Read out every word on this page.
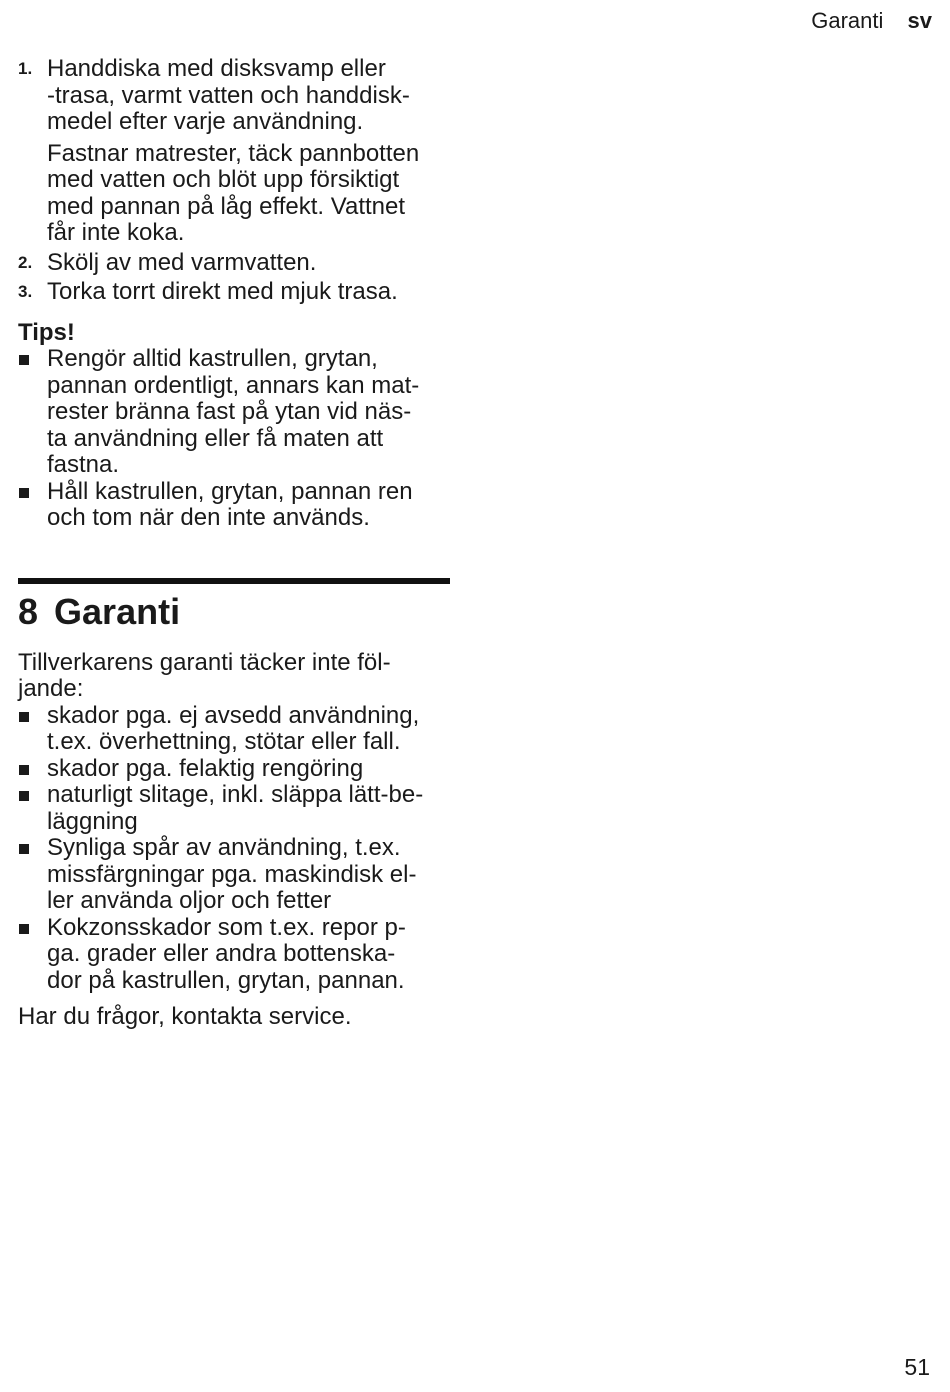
Garanti sv
1. Handdiska med disksvamp eller
-trasa, varmt vatten och handdisk-
medel efter varje användning.
Fastnar matrester, täck pannbotten
med vatten och blöt upp försiktigt
med pannan på låg effekt. Vattnet
får inte koka.
2. Skölj av med varmvatten.
3. Torka torrt direkt med mjuk trasa.
Tips!
Rengör alltid kastrullen, grytan,
pannan ordentligt, annars kan mat-
rester bränna fast på ytan vid näs-
ta användning eller få maten att
fastna.
Håll kastrullen, grytan, pannan ren
och tom när den inte används.
8 Garanti
Tillverkarens garanti täcker inte föl-
jande:
skador pga. ej avsedd användning,
t.ex. överhettning, stötar eller fall.
skador pga. felaktig rengöring
naturligt slitage, inkl. släppa lätt-be-
läggning
Synliga spår av användning, t.ex.
missfärgningar pga. maskindisk el-
ler använda oljor och fetter
Kokzonsskador som t.ex. repor p-
ga. grader eller andra bottenska-
dor på kastrullen, grytan, pannan.
Har du frågor, kontakta service.
51
